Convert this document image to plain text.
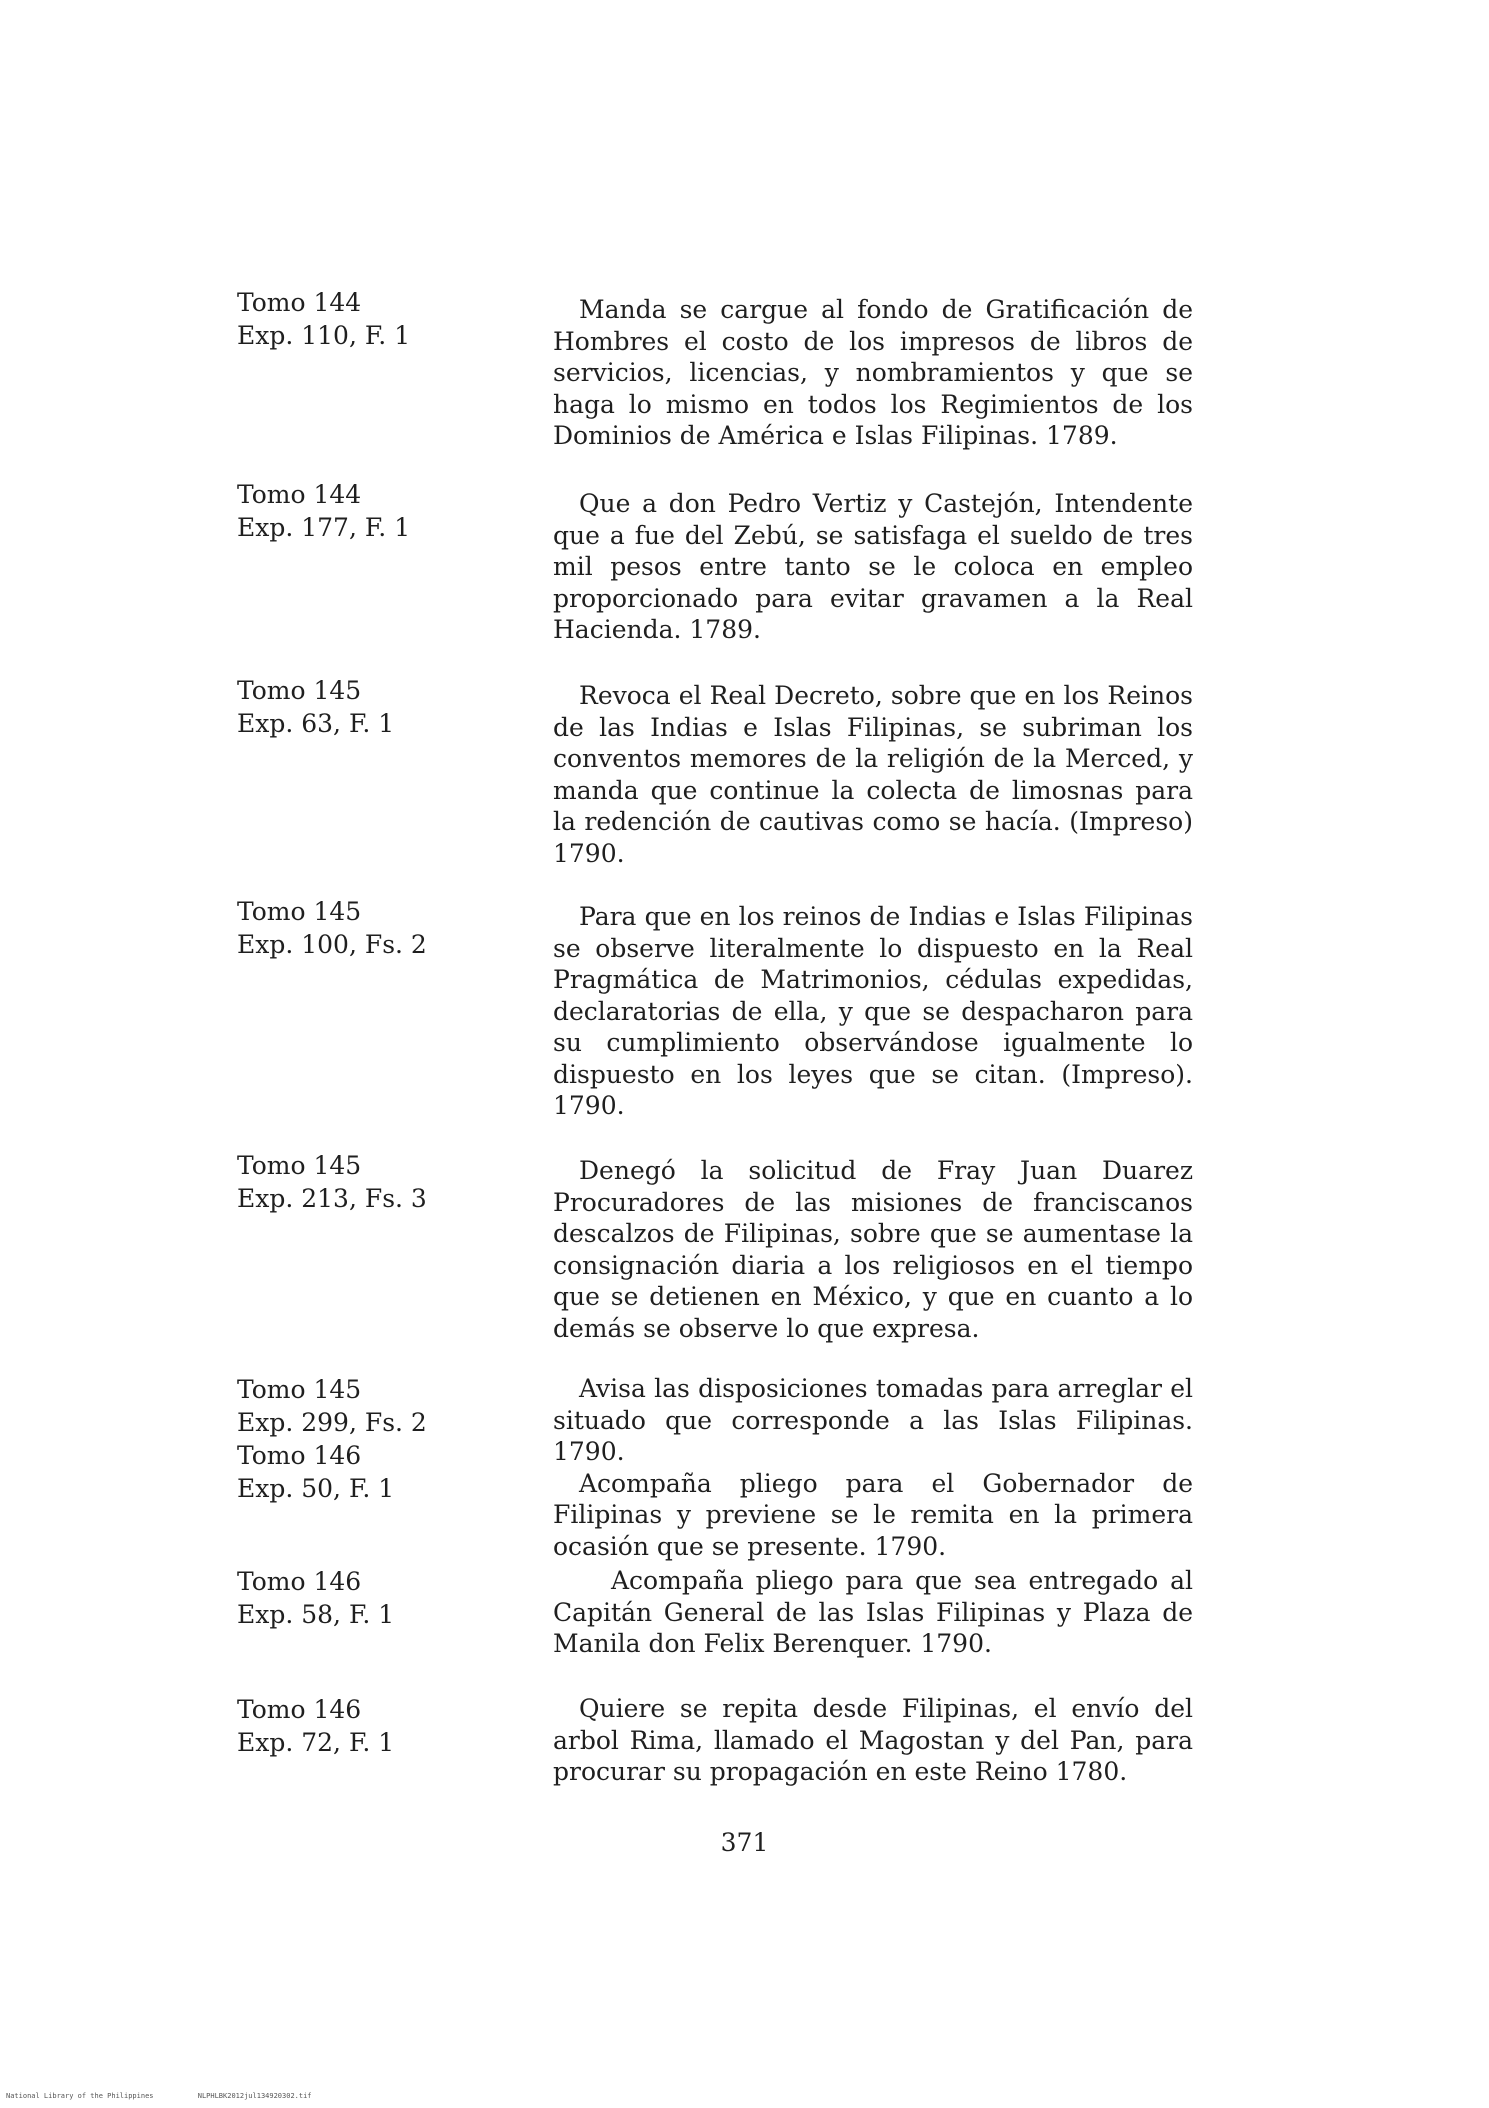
Tomo 144
Exp. 110, F. 1

Manda se cargue al fondo de Gratificación de Hombres el costo de los impresos de libros de servicios, licencias, y nombramientos y que se haga lo mismo en todos los Regimientos de los Dominios de América e Islas Filipinas. 1789.

Tomo 144
Exp. 177, F. 1

Que a don Pedro Vertiz y Castejón, Intendente que a fue del Zebú, se satisfaga el sueldo de tres mil pesos entre tanto se le coloca en empleo proporcionado para evitar gravamen a la Real Hacienda. 1789.

Tomo 145
Exp. 63, F. 1

Revoca el Real Decreto, sobre que en los Reinos de las Indias e Islas Filipinas, se subriman los conventos memores de la religión de la Merced, y manda que continue la colecta de limosnas para la redención de cautivas como se hacía. (Impreso) 1790.

Tomo 145
Exp. 100, Fs. 2

Para que en los reinos de Indias e Islas Filipinas se observe literalmente lo dispuesto en la Real Pragmática de Matrimonios, cédulas expedidas, declaratorias de ella, y que se despacharon para su cumplimiento observándose igualmente lo dispuesto en los leyes que se citan. (Impreso). 1790.

Tomo 145
Exp. 213, Fs. 3

Denegó la solicitud de Fray Juan Duarez Procuradores de las misiones de franciscanos descalzos de Filipinas, sobre que se aumentase la consignación diaria a los religiosos en el tiempo que se detienen en México, y que en cuanto a lo demás se observe lo que expresa.

Tomo 145
Exp. 299, Fs. 2
Tomo 146
Exp. 50, F. 1

Avisa las disposiciones tomadas para arreglar el situado que corresponde a las Islas Filipinas. 1790.

Acompaña pliego para el Gobernador de Filipinas y previene se le remita en la primera ocasión que se presente. 1790.

Tomo 146
Exp. 58, F. 1

Acompaña pliego para que sea entregado al Capitán General de las Islas Filipinas y Plaza de Manila don Felix Berenquer. 1790.

Tomo 146
Exp. 72, F. 1

Quiere se repita desde Filipinas, el envío del arbol Rima, llamado el Magostan y del Pan, para procurar su propagación en este Reino 1780.

371
National Library of the Philippines	NLPHLBK2012jul134920302.tif
